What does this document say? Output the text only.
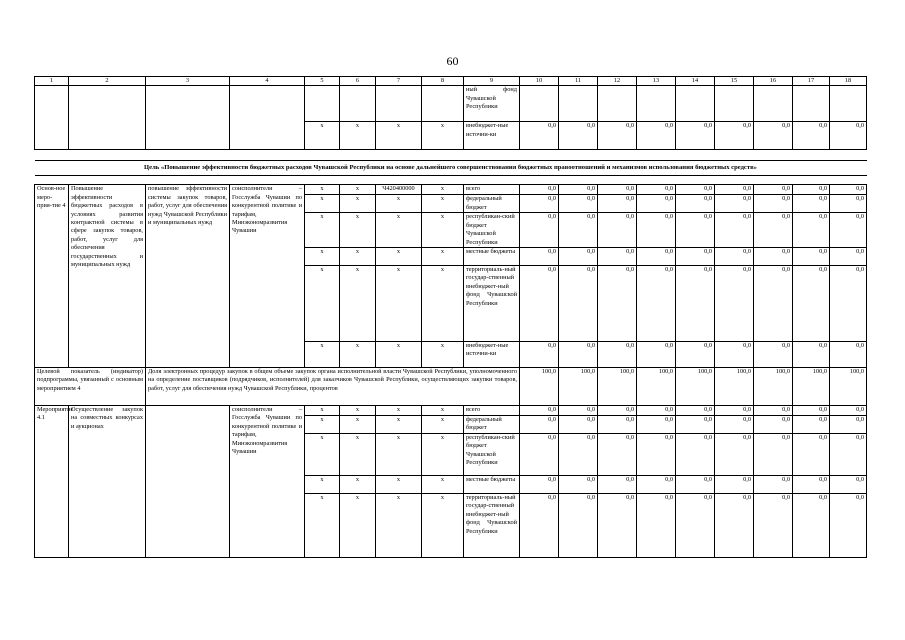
60
1	2	3	4	5	6	7	8	9	10	11	12	13	14	15	16	17	18
								ный фонд Чувашской Республики									
				x	x	x	x	внебюджет-ные источни-ки	0,0	0,0	0,0	0,0	0,0	0,0	0,0	0,0	0,0

Цель «Повышение эффективности бюджетных расходов Чувашской Республики на основе дальнейшего совершенствования бюджетных правоотношений и механизмов использования бюджетных средств»																	

Основ-ное меро-прия-тие 4	Повышение эффективности бюджетных расходов в условиях развития контрактной системы в сфере закупок товаров, работ, услуг для обеспечения государственных и муниципальных нужд	повышение эффективности системы закупок товаров, работ, услуг для обеспечения нужд Чувашской Республики и муниципальных нужд	соисполнители – Госслужба Чувашии по конкурентной политике и тарифам, Минэкономразвития Чувашии	x	x	Ч420400000	x	всего	0,0	0,0	0,0	0,0	0,0	0,0	0,0	0,0	0,0
				x	x	x	x	федеральный бюджет	0,0	0,0	0,0	0,0	0,0	0,0	0,0	0,0	0,0
				x	x	x	x	республикан-ский бюджет Чувашской Республики	0,0	0,0	0,0	0,0	0,0	0,0	0,0	0,0	0,0
				x	x	x	x	местные бюджеты	0,0	0,0	0,0	0,0	0,0	0,0	0,0	0,0	0,0
				x	x	x	x	территориаль-ный государ-ственный внебюджет-ный фонд Чувашской Республики	0,0	0,0	0,0	0,0	0,0	0,0	0,0	0,0	0,0
				x	x	x	x	внебюджет-ные источни-ки	0,0	0,0	0,0	0,0	0,0	0,0	0,0	0,0	0,0
Целевой показатель (индикатор) подпрограммы, увязанный с основным мероприятием 4		Доля электронных процедур закупок в общем объеме закупок органа исполнительной власти Чувашской Республики, уполномоченного на определение поставщиков (подрядчиков, исполнителей) для заказчиков Чувашской Республики, осуществляющих закупки товаров, работ, услуг для обеспечения нужд Чувашской Республики, процентов							100,0	100,0	100,0	100,0	100,0	100,0	100,0	100,0	100,0
Мероприятие 4.1	Осуществление закупок на совместных конкурсах и аукционах		соисполнители – Госслужба Чувашии по конкурентной политике и тарифам, Минэкономразвития Чувашии	x	x	x	x	всего	0,0	0,0	0,0	0,0	0,0	0,0	0,0	0,0	0,0
				x	x	x	x	федеральный бюджет	0,0	0,0	0,0	0,0	0,0	0,0	0,0	0,0	0,0
				x	x	x	x	республикан-ский бюджет Чувашской Республики	0,0	0,0	0,0	0,0	0,0	0,0	0,0	0,0	0,0
				x	x	x	x	местные бюджеты	0,0	0,0	0,0	0,0	0,0	0,0	0,0	0,0	0,0
				x	x	x	x	территориаль-ный государ-ственный внебюджет-ный фонд Чувашской Республики	0,0	0,0	0,0	0,0	0,0	0,0	0,0	0,0	0,0
